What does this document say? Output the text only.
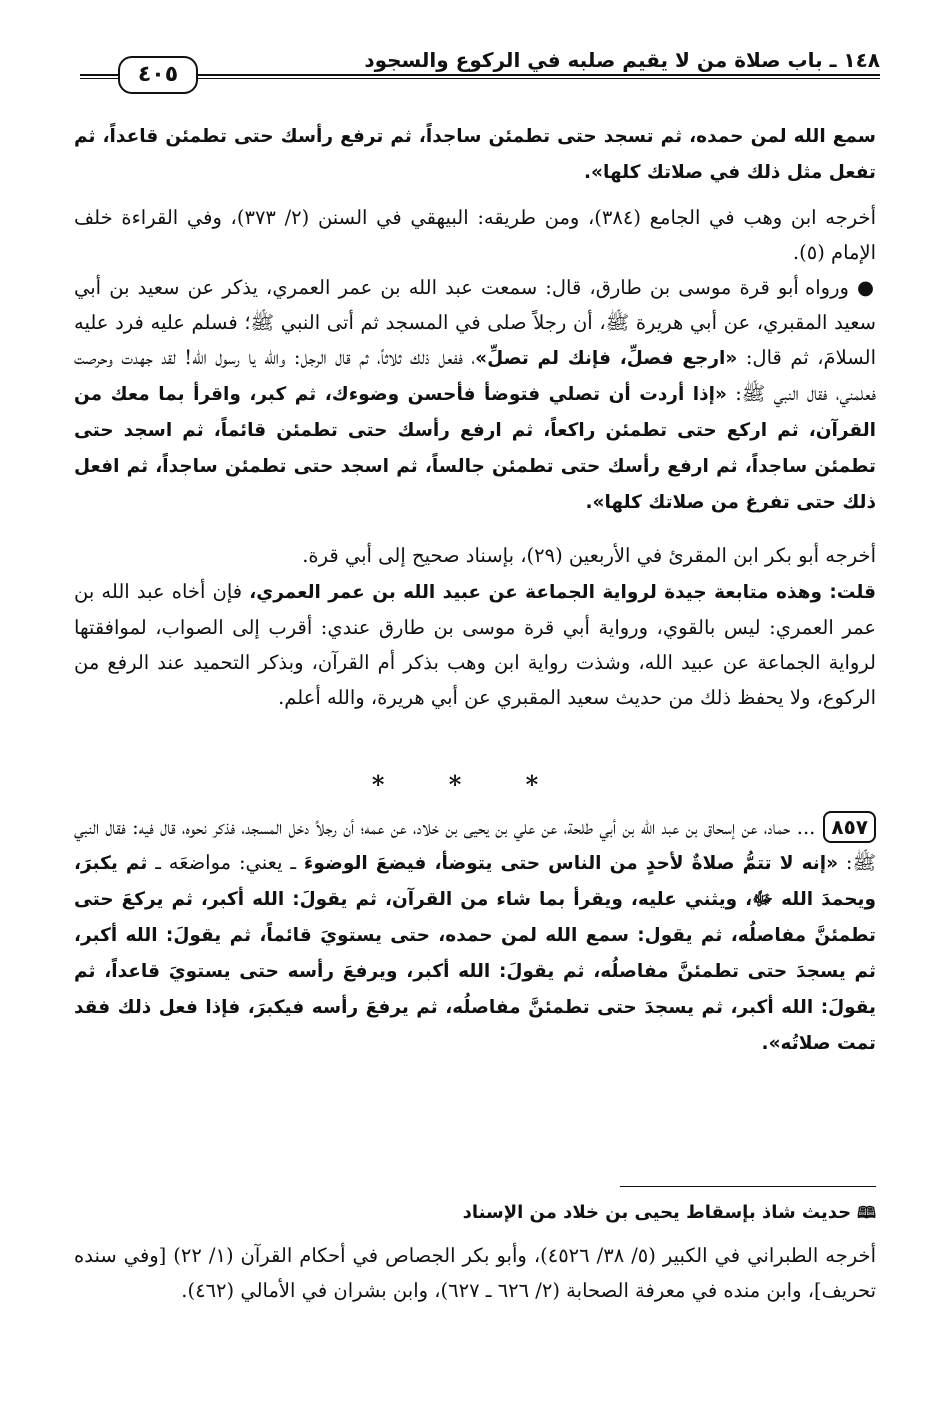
١٤٨ ـ باب صلاة من لا يقيم صلبه في الركوع والسجود
٤٠٥

سمع الله لمن حمده، ثم تسجد حتى تطمئن ساجداً، ثم ترفع رأسك حتى تطمئن قاعداً، ثم تفعل مثل ذلك في صلاتك كلها».

أخرجه ابن وهب في الجامع (٣٨٤)، ومن طريقه: البيهقي في السنن (٢/ ٣٧٣)، وفي القراءة خلف الإمام (٥).

● ورواه أبو قرة موسى بن طارق، قال: سمعت عبد الله بن عمر العمري، يذكر عن سعيد بن أبي سعيد المقبري، عن أبي هريرة ﷺ، أن رجلاً صلى في المسجد ثم أتى النبي ﷺ؛ فسلم عليه فرد عليه السلامَ، ثم قال: «ارجع فصلِّ، فإنك لم تصلِّ»، ففعل ذلك ثلاثاً، ثم قال الرجل: والله يا رسول الله! لقد جهدت وحرصت فعلمني، فقال النبي ﷺ: «إذا أردت أن تصلي فتوضأ فأحسن وضوءك، ثم كبر، واقرأ بما معك من القرآن، ثم اركع حتى تطمئن راكعاً، ثم ارفع رأسك حتى تطمئن قائماً، ثم اسجد حتى تطمئن ساجداً، ثم ارفع رأسك حتى تطمئن جالساً، ثم اسجد حتى تطمئن ساجداً، ثم افعل ذلك حتى تفرغ من صلاتك كلها».

أخرجه أبو بكر ابن المقرئ في الأربعين (٢٩)، بإسناد صحيح إلى أبي قرة.

قلت: وهذه متابعة جيدة لرواية الجماعة عن عبيد الله بن عمر العمري، فإن أخاه عبد الله بن عمر العمري: ليس بالقوي، ورواية أبي قرة موسى بن طارق عندي: أقرب إلى الصواب، لموافقتها لرواية الجماعة عن عبيد الله، وشذت رواية ابن وهب بذكر أم القرآن، وبذكر التحميد عند الرفع من الركوع، ولا يحفظ ذلك من حديث سعيد المقبري عن أبي هريرة، والله أعلم.

* * *

٨٥٧... حماد، عن إسحاق بن عبد الله بن أبي طلحة، عن علي بن يحيى بن خلاد، عن عمه؛ أن رجلاً دخل المسجد، فذكر نحوه، قال فيه: فقال النبي ﷺ: «إنه لا تتمُّ صلاةٌ لأحدٍ من الناس حتى يتوضأ، فيضعَ الوضوءَ ـ يعني: مواضعَه ـ ثم يكبرَ، ويحمدَ الله ﷻ، ويثني عليه، ويقرأ بما شاء من القرآن، ثم يقولَ: الله أكبر، ثم يركعَ حتى تطمئنَّ مفاصلُه، ثم يقول: سمع الله لمن حمده، حتى يستويَ قائماً، ثم يقولَ: الله أكبر، ثم يسجدَ حتى تطمئنَّ مفاصلُه، ثم يقولَ: الله أكبر، ويرفعَ رأسه حتى يستويَ قاعداً، ثم يقولَ: الله أكبر، ثم يسجدَ حتى تطمئنَّ مفاصلُه، ثم يرفعَ رأسه فيكبرَ، فإذا فعل ذلك فقد تمت صلاتُه».

🕮حديث شاذ بإسقاط يحيى بن خلاد من الإسناد

أخرجه الطبراني في الكبير (٥/ ٣٨/ ٤٥٢٦)، وأبو بكر الجصاص في أحكام القرآن (١/ ٢٢) [وفي سنده تحريف]، وابن منده في معرفة الصحابة (٢/ ٦٢٦ ـ ٦٢٧)، وابن بشران في الأمالي (٤٦٢).
